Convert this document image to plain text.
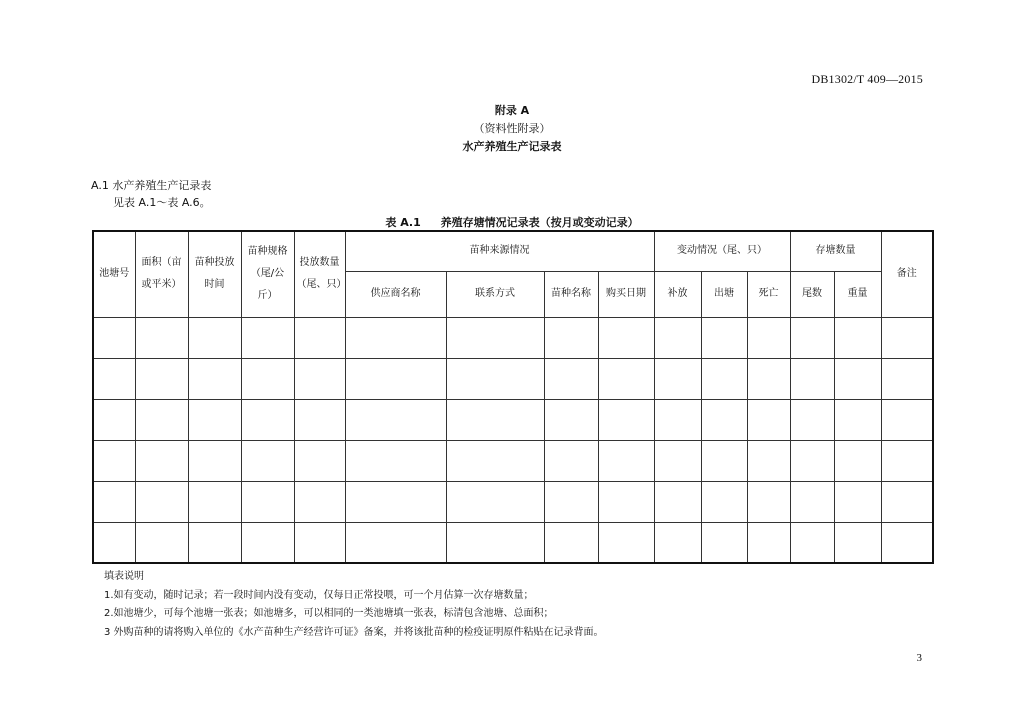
DB1302/T 409—2015
附录 A
（资料性附录）
水产养殖生产记录表
A.1 水产养殖生产记录表
见表 A.1～表 A.6。
表 A.1 养殖存塘情况记录表（按月或变动记录）
池塘号	面积（亩或平米）	苗种投放时间	苗种规格（尾/公斤）	投放数量（尾、只）	苗种来源情况				变动情况（尾、只）			存塘数量		备注
					供应商名称	联系方式	苗种名称	购买日期	补放	出塘	死亡	尾数	重量	

填表说明
1.如有变动，随时记录；若一段时间内没有变动，仅每日正常投喂，可一个月估算一次存塘数量；
2.如池塘少，可每个池塘一张表；如池塘多，可以相同的一类池塘填一张表，标清包含池塘、总面积；
3 外购苗种的请将购入单位的《水产苗种生产经营许可证》备案，并将该批苗种的检疫证明原件粘贴在记录背面。
3
